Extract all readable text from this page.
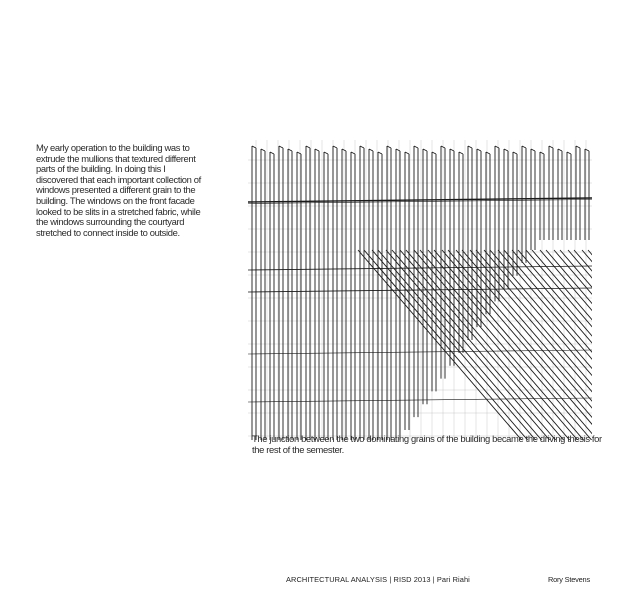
My early operation to the building was to extrude the mullions that textured different parts of the building. In doing this I discovered that each important collection of windows presented a different grain to the building. The windows on the front facade looked to be slits in a stretched fabric, while the windows surrounding the courtyard stretched to connect inside to outside.

The junction between the two dominating grains of the building became the driving thesis for the rest of the semester.

ARCHITECTURAL ANALYSIS | RISD 2013 | Pari Riahi	Rory Stevens
